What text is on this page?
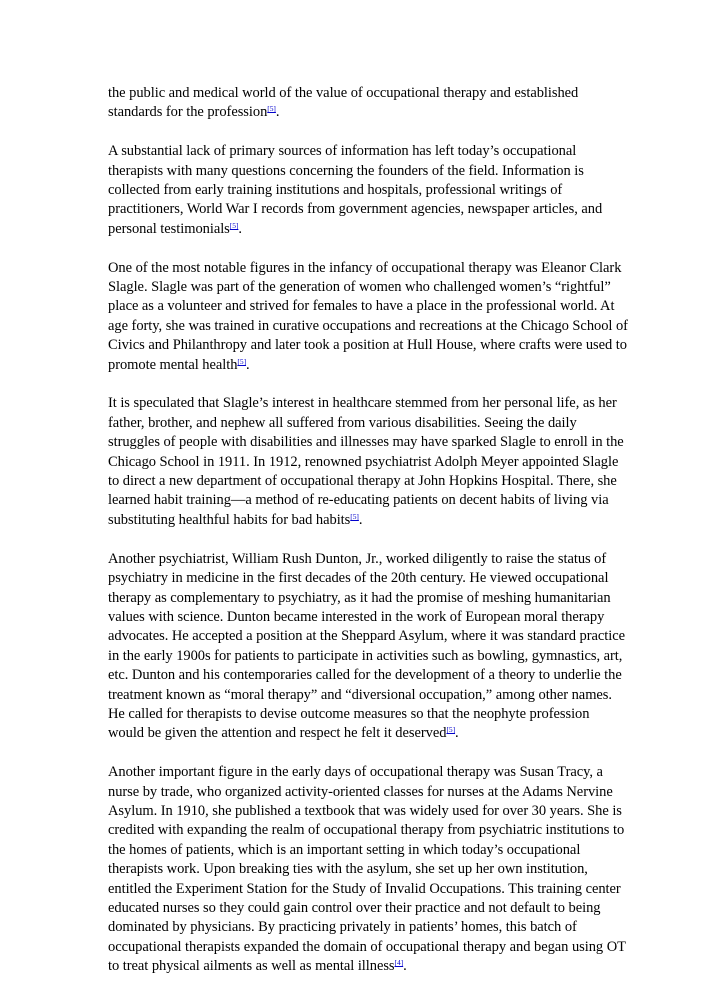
the public and medical world of the value of occupational therapy and established standards for the profession[5].

A substantial lack of primary sources of information has left today’s occupational therapists with many questions concerning the founders of the field. Information is collected from early training institutions and hospitals, professional writings of practitioners, World War I records from government agencies, newspaper articles, and personal testimonials[5].

One of the most notable figures in the infancy of occupational therapy was Eleanor Clark Slagle. Slagle was part of the generation of women who challenged women’s “rightful” place as a volunteer and strived for females to have a place in the professional world. At age forty, she was trained in curative occupations and recreations at the Chicago School of Civics and Philanthropy and later took a position at Hull House, where crafts were used to promote mental health[5].

It is speculated that Slagle’s interest in healthcare stemmed from her personal life, as her father, brother, and nephew all suffered from various disabilities. Seeing the daily struggles of people with disabilities and illnesses may have sparked Slagle to enroll in the Chicago School in 1911. In 1912, renowned psychiatrist Adolph Meyer appointed Slagle to direct a new department of occupational therapy at John Hopkins Hospital. There, she learned habit training—a method of re-educating patients on decent habits of living via substituting healthful habits for bad habits[5].

Another psychiatrist, William Rush Dunton, Jr., worked diligently to raise the status of psychiatry in medicine in the first decades of the 20th century. He viewed occupational therapy as complementary to psychiatry, as it had the promise of meshing humanitarian values with science. Dunton became interested in the work of European moral therapy advocates. He accepted a position at the Sheppard Asylum, where it was standard practice in the early 1900s for patients to participate in activities such as bowling, gymnastics, art, etc. Dunton and his contemporaries called for the development of a theory to underlie the treatment known as “moral therapy” and “diversional occupation,” among other names. He called for therapists to devise outcome measures so that the neophyte profession would be given the attention and respect he felt it deserved[5].

Another important figure in the early days of occupational therapy was Susan Tracy, a nurse by trade, who organized activity-oriented classes for nurses at the Adams Nervine Asylum. In 1910, she published a textbook that was widely used for over 30 years. She is credited with expanding the realm of occupational therapy from psychiatric institutions to the homes of patients, which is an important setting in which today’s occupational therapists work. Upon breaking ties with the asylum, she set up her own institution, entitled the Experiment Station for the Study of Invalid Occupations. This training center educated nurses so they could gain control over their practice and not default to being dominated by physicians. By practicing privately in patients’ homes, this batch of occupational therapists expanded the domain of occupational therapy and began using OT to treat physical ailments as well as mental illness[4].
